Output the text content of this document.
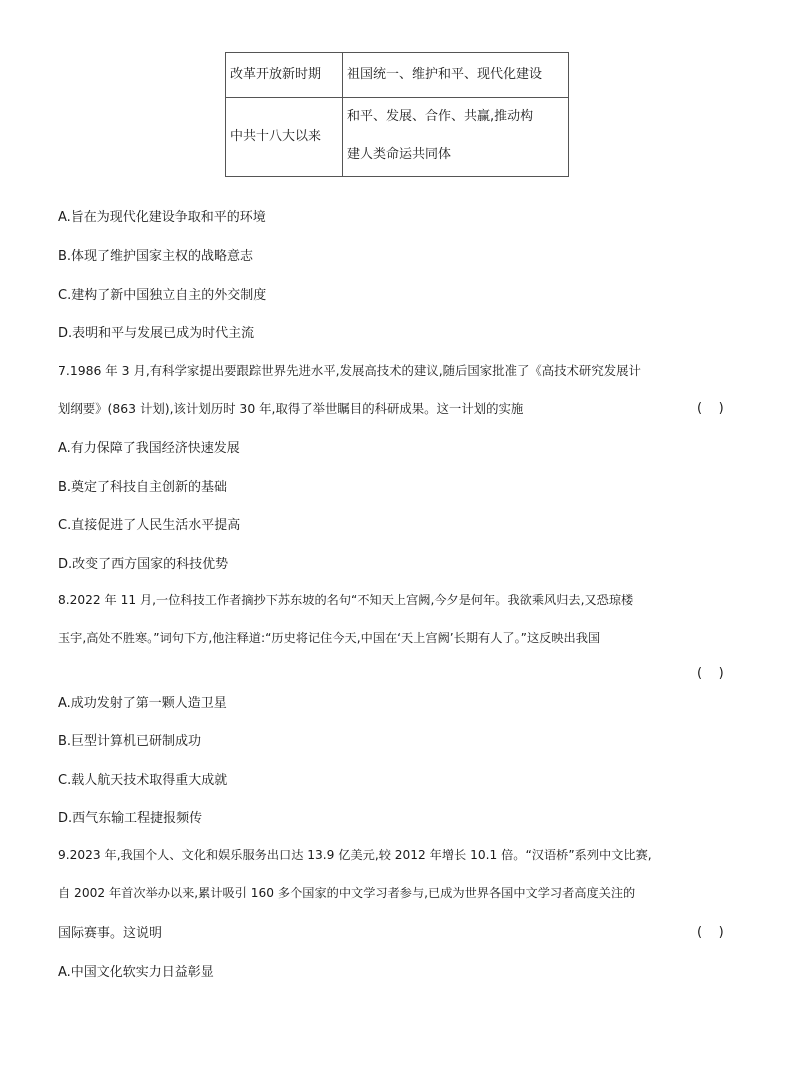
改革开放新时期	祖国统一、维护和平、现代化建设
中共十八大以来	和平、发展、合作、共赢,推动构
建人类命运共同体
A.旨在为现代化建设争取和平的环境
B.体现了维护国家主权的战略意志
C.建构了新中国独立自主的外交制度
D.表明和平与发展已成为时代主流
7.1986 年 3 月,有科学家提出要跟踪世界先进水平,发展高技术的建议,随后国家批准了《高技术研究发展计
划纲要》(863 计划),该计划历时 30 年,取得了举世瞩目的科研成果。这一计划的实施	(    )
A.有力保障了我国经济快速发展
B.奠定了科技自主创新的基础
C.直接促进了人民生活水平提高
D.改变了西方国家的科技优势
8.2022 年 11 月,一位科技工作者摘抄下苏东坡的名句“不知天上宫阙,今夕是何年。我欲乘风归去,又恐琼楼
玉宇,高处不胜寒。”词句下方,他注释道:“历史将记住今天,中国在‘天上宫阙’长期有人了。”这反映出我国
(    )
A.成功发射了第一颗人造卫星
B.巨型计算机已研制成功
C.载人航天技术取得重大成就
D.西气东输工程捷报频传
9.2023 年,我国个人、文化和娱乐服务出口达 13.9 亿美元,较 2012 年增长 10.1 倍。“汉语桥”系列中文比赛,
自 2002 年首次举办以来,累计吸引 160 多个国家的中文学习者参与,已成为世界各国中文学习者高度关注的
国际赛事。这说明	(    )
A.中国文化软实力日益彰显
